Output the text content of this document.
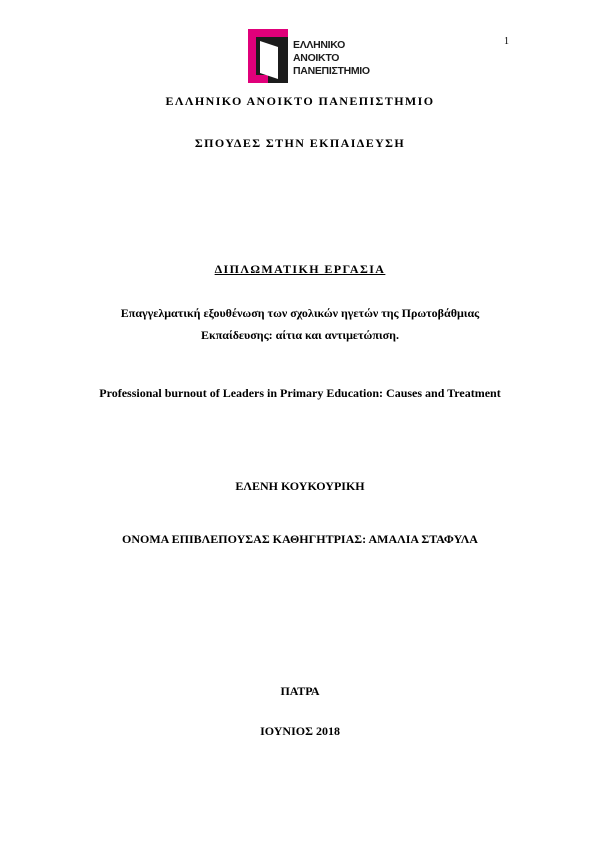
1
ΕΛΛΗΝΙΚΟ
ΑΝΟΙΚΤΟ
ΠΑΝΕΠΙΣΤΗΜΙΟ
ΕΛΛΗΝΙΚΟ ΑΝΟΙΚΤΟ ΠΑΝΕΠΙΣΤΗΜΙΟ
ΣΠΟΥΔΕΣ ΣΤΗΝ ΕΚΠΑΙΔΕΥΣΗ
ΔΙΠΛΩΜΑΤΙΚΗ ΕΡΓΑΣΙΑ
Επαγγελματική εξουθένωση των σχολικών ηγετών της Πρωτοβάθμιας
Εκπαίδευσης: αίτια και αντιμετώπιση.
Professional burnout of Leaders in Primary Education: Causes and Treatment
ΕΛΕΝΗ ΚΟΥΚΟΥΡΙΚΗ
ΟΝΟΜΑ ΕΠΙΒΛΕΠΟΥΣΑΣ ΚΑΘΗΓΗΤΡΙΑΣ: ΑΜΑΛΙΑ ΣΤΑΦΥΛΑ
ΠΑΤΡΑ
ΙΟΥΝΙΟΣ 2018
